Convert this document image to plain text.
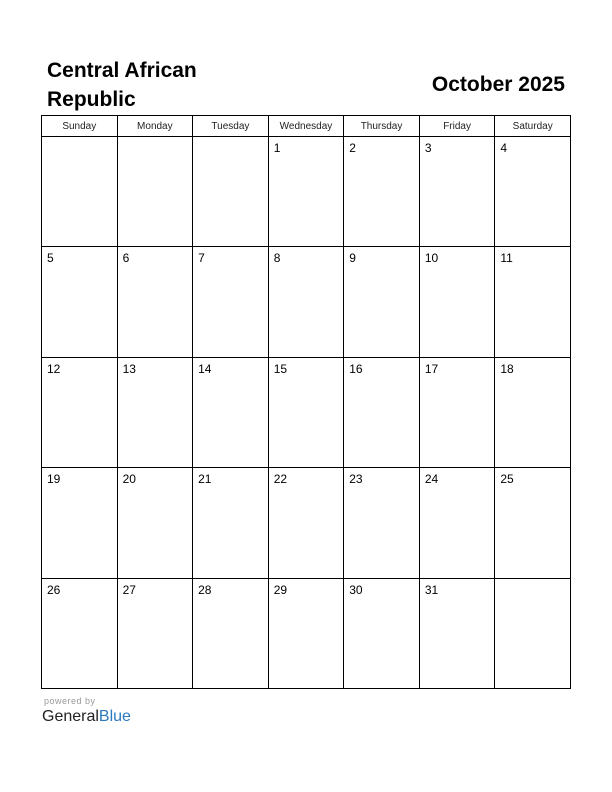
Central African Republic
October 2025
Sunday	Monday	Tuesday	Wednesday	Thursday	Friday	Saturday

			1	2	3	4

5	6	7	8	9	10	11

12	13	14	15	16	17	18

19	20	21	22	23	24	25

26	27	28	29	30	31	

powered by
GeneralBlue
